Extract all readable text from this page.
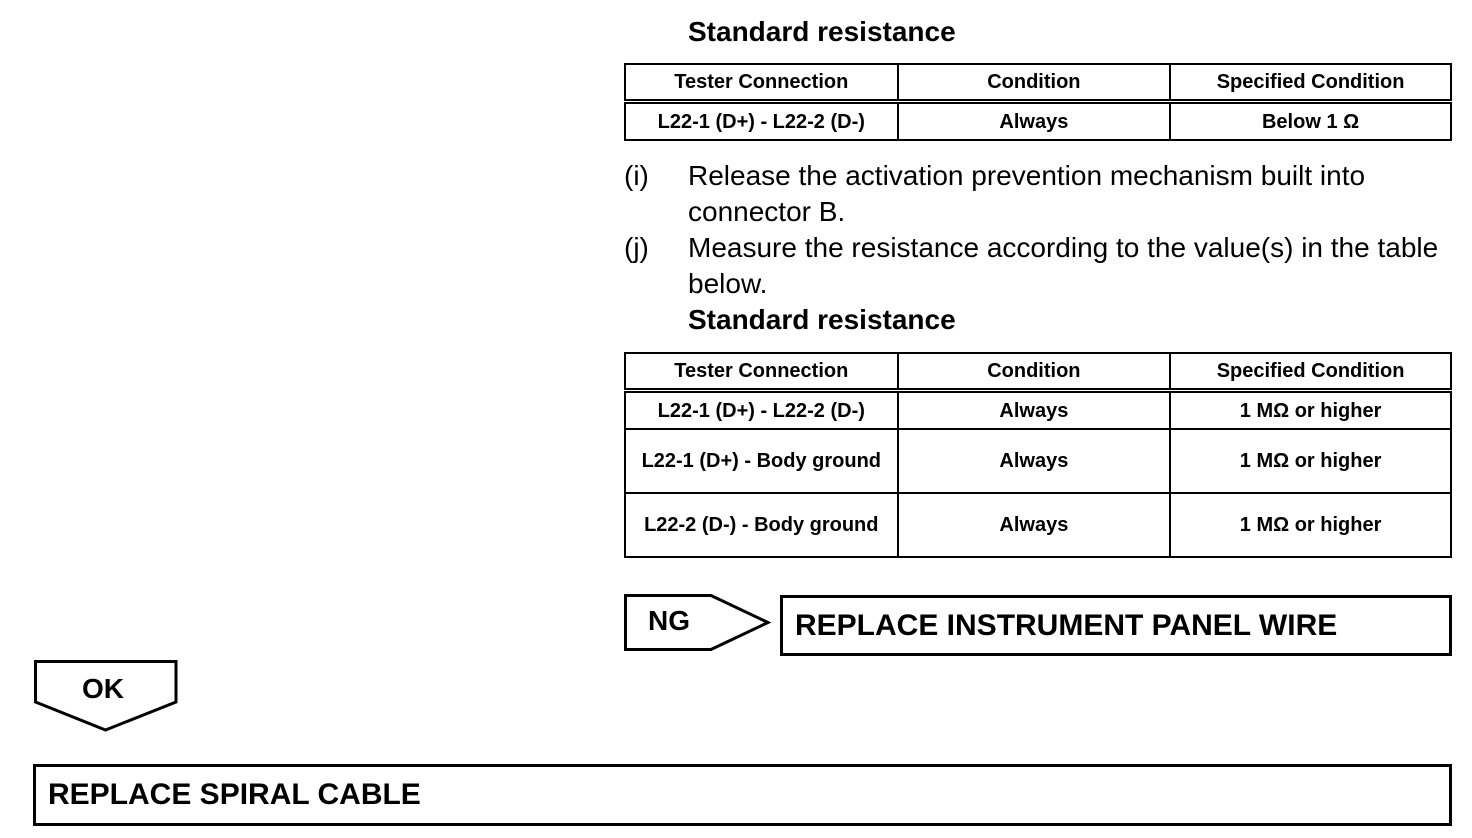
Standard resistance
Tester Connection	Condition	Specified Condition
L22-1 (D+) - L22-2 (D-)	Always	Below 1 Ω
(i) Release the activation prevention mechanism built into connector B.
(j) Measure the resistance according to the value(s) in the table below.
Standard resistance
Tester Connection	Condition	Specified Condition
L22-1 (D+) - L22-2 (D-)	Always	1 MΩ or higher
L22-1 (D+) - Body ground	Always	1 MΩ or higher
L22-2 (D-) - Body ground	Always	1 MΩ or higher
NG	REPLACE INSTRUMENT PANEL WIRE
OK
REPLACE SPIRAL CABLE
